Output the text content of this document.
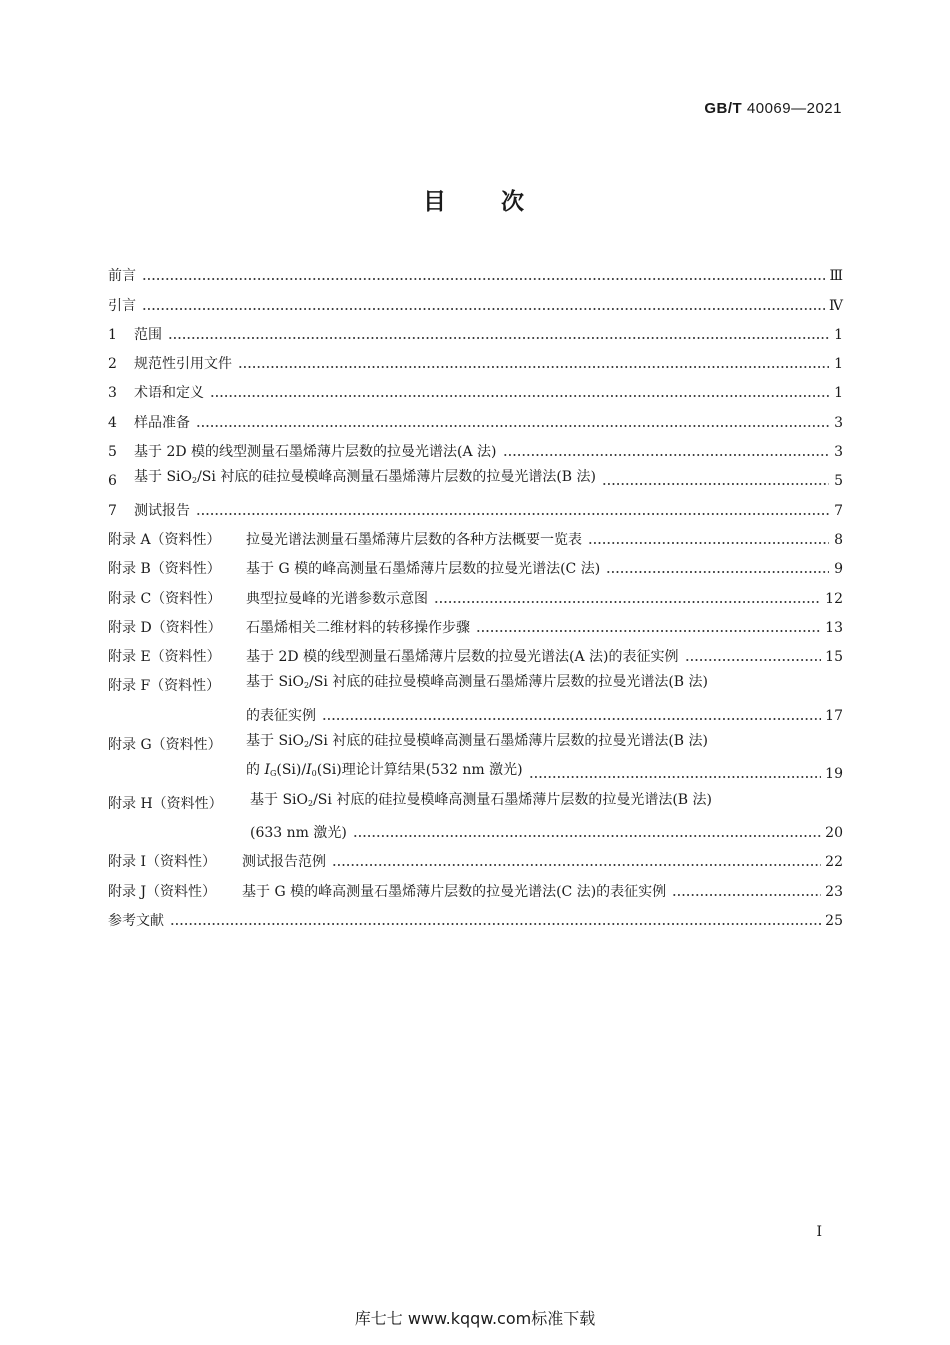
GB/T 40069—2021
目　　次
前言	Ⅲ
引言	Ⅳ
1	范围	1
2	规范性引用文件	1
3	术语和定义	1
4	样品准备	3
5	基于 2D 模的线型测量石墨烯薄片层数的拉曼光谱法(A 法)	3
6	基于 SiO$_2$/Si 衬底的硅拉曼模峰高测量石墨烯薄片层数的拉曼光谱法(B 法)	5
7	测试报告	7
附录 A（资料性）	拉曼光谱法测量石墨烯薄片层数的各种方法概要一览表	8
附录 B（资料性）	基于 G 模的峰高测量石墨烯薄片层数的拉曼光谱法(C 法)	9
附录 C（资料性）	典型拉曼峰的光谱参数示意图	12
附录 D（资料性）	石墨烯相关二维材料的转移操作步骤	13
附录 E（资料性）	基于 2D 模的线型测量石墨烯薄片层数的拉曼光谱法(A 法)的表征实例	15
附录 F（资料性）	基于 SiO$_2$/Si 衬底的硅拉曼模峰高测量石墨烯薄片层数的拉曼光谱法(B 法)
的表征实例	17
附录 G（资料性）	基于 SiO$_2$/Si 衬底的硅拉曼模峰高测量石墨烯薄片层数的拉曼光谱法(B 法)
的 $I_G(Si)/I_0(Si)$理论计算结果(532 nm 激光)	19
附录 H（资料性）	基于 SiO$_2$/Si 衬底的硅拉曼模峰高测量石墨烯薄片层数的拉曼光谱法(B 法)
(633 nm 激光)	20
附录 I（资料性）	测试报告范例	22
附录 J（资料性）	基于 G 模的峰高测量石墨烯薄片层数的拉曼光谱法(C 法)的表征实例	23
参考文献	25
I
库七七 www.kqqw.com标准下载
